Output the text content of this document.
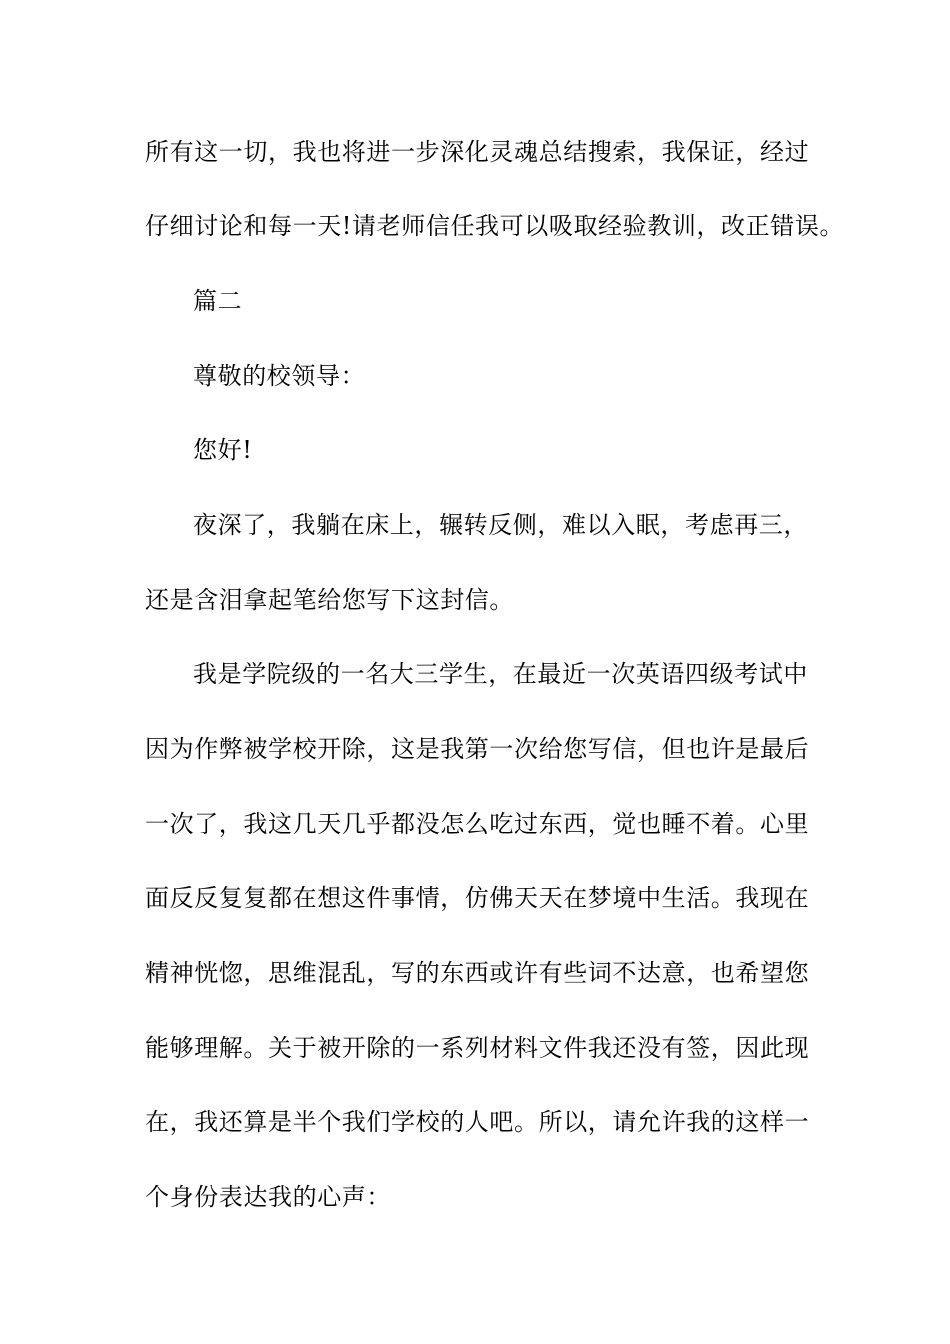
所有这一切，我也将进一步深化灵魂总结搜索，我保证，经过
仔细讨论和每一天!请老师信任我可以吸取经验教训，改正错误。
篇二
尊敬的校领导：
您好!
夜深了，我躺在床上，辗转反侧，难以入眠，考虑再三，
还是含泪拿起笔给您写下这封信。
我是学院级的一名大三学生，在最近一次英语四级考试中
因为作弊被学校开除，这是我第一次给您写信，但也许是最后
一次了，我这几天几乎都没怎么吃过东西，觉也睡不着。心里
面反反复复都在想这件事情，仿佛天天在梦境中生活。我现在
精神恍惚，思维混乱，写的东西或许有些词不达意，也希望您
能够理解。关于被开除的一系列材料文件我还没有签，因此现
在，我还算是半个我们学校的人吧。所以，请允许我的这样一
个身份表达我的心声：
